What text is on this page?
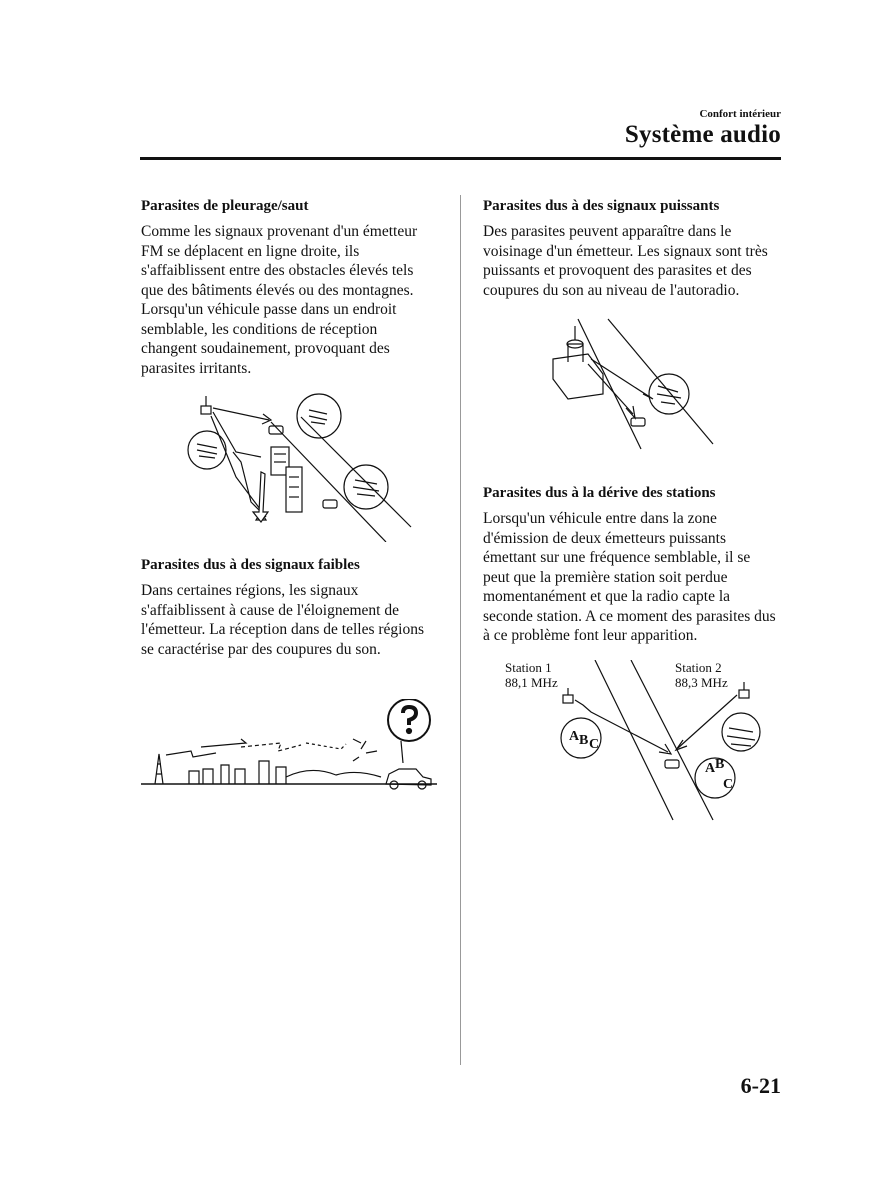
Confort intérieur
Système audio
Parasites de pleurage/saut

Comme les signaux provenant d'un émetteur FM se déplacent en ligne droite, ils s'affaiblissent entre des obstacles élevés tels que des bâtiments élevés ou des montagnes. Lorsqu'un véhicule passe dans un endroit semblable, les conditions de réception changent soudainement, provoquant des parasites irritants.

Parasites dus à des signaux faibles

Dans certaines régions, les signaux s'affaiblissent à cause de l'éloignement de l'émetteur. La réception dans de telles régions se caractérise par des coupures du son.

Parasites dus à des signaux puissants

Des parasites peuvent apparaître dans le voisinage d'un émetteur. Les signaux sont très puissants et provoquent des parasites et des coupures du son au niveau de l'autoradio.

Parasites dus à la dérive des stations

Lorsqu'un véhicule entre dans la zone d'émission de deux émetteurs puissants émettant sur une fréquence semblable, il se peut que la première station soit perdue momentanément et que la radio capte la seconde station. A ce moment des parasites dus à ce problème font leur apparition.

A B C
A B
C
Station 1
88,1 MHz
Station 2
88,3 MHz
6-21
